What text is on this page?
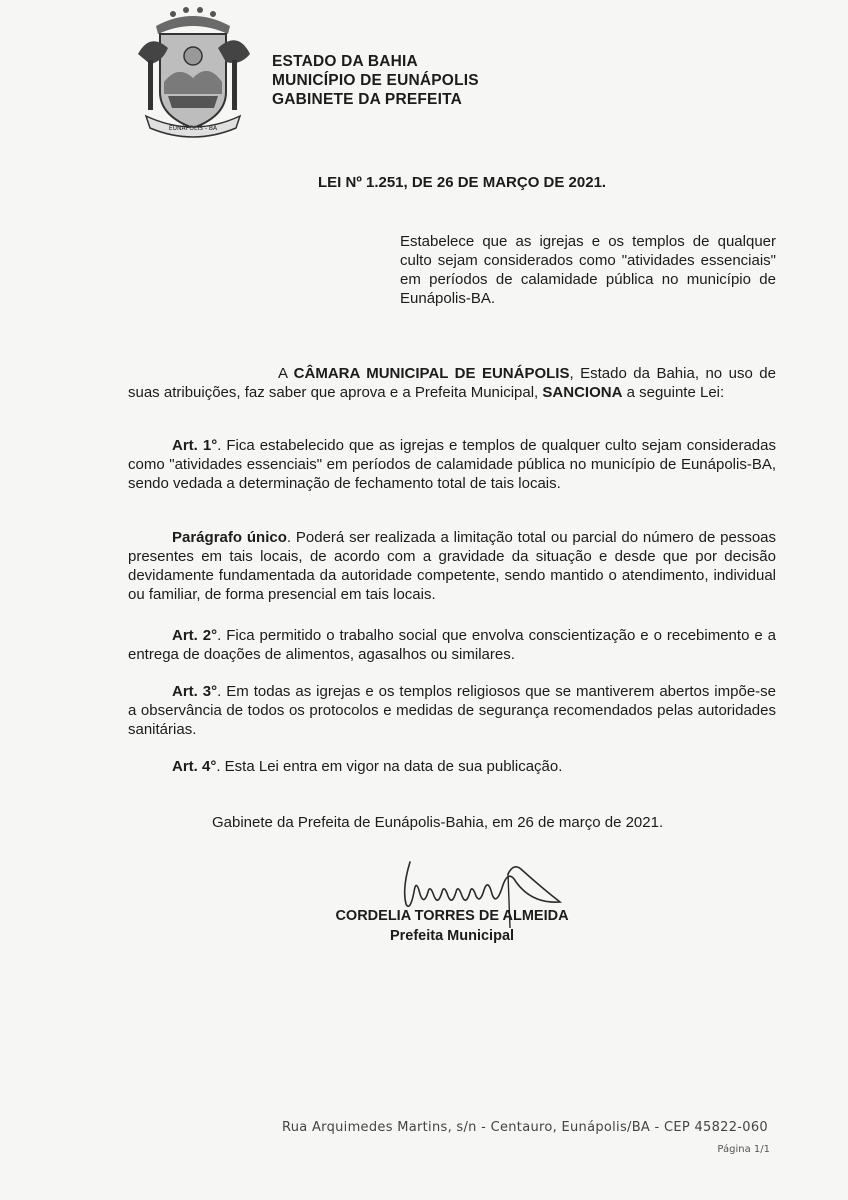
EUNÁPOLIS - BA
ESTADO DA BAHIA
MUNICÍPIO DE EUNÁPOLIS
GABINETE DA PREFEITA
LEI Nº 1.251, DE 26 DE MARÇO DE 2021.
Estabelece que as igrejas e os templos de qualquer culto sejam considerados como "atividades essenciais" em períodos de calamidade pública no município de Eunápolis-BA.
A CÂMARA MUNICIPAL DE EUNÁPOLIS, Estado da Bahia, no uso de suas atribuições, faz saber que aprova e a Prefeita Municipal, SANCIONA a seguinte Lei:
Art. 1°. Fica estabelecido que as igrejas e templos de qualquer culto sejam consideradas como "atividades essenciais" em períodos de calamidade pública no município de Eunápolis-BA, sendo vedada a determinação de fechamento total de tais locais.
Parágrafo único. Poderá ser realizada a limitação total ou parcial do número de pessoas presentes em tais locais, de acordo com a gravidade da situação e desde que por decisão devidamente fundamentada da autoridade competente, sendo mantido o atendimento, individual ou familiar, de forma presencial em tais locais.
Art. 2°. Fica permitido o trabalho social que envolva conscientização e o recebimento e a entrega de doações de alimentos, agasalhos ou similares.
Art. 3°. Em todas as igrejas e os templos religiosos que se mantiverem abertos impõe-se a observância de todos os protocolos e medidas de segurança recomendados pelas autoridades sanitárias.
Art. 4°. Esta Lei entra em vigor na data de sua publicação.
Gabinete da Prefeita de Eunápolis-Bahia, em 26 de março de 2021.
CORDELIA TORRES DE ALMEIDA
Prefeita Municipal
Rua Arquimedes Martins, s/n - Centauro, Eunápolis/BA - CEP 45822-060
Página 1/1
